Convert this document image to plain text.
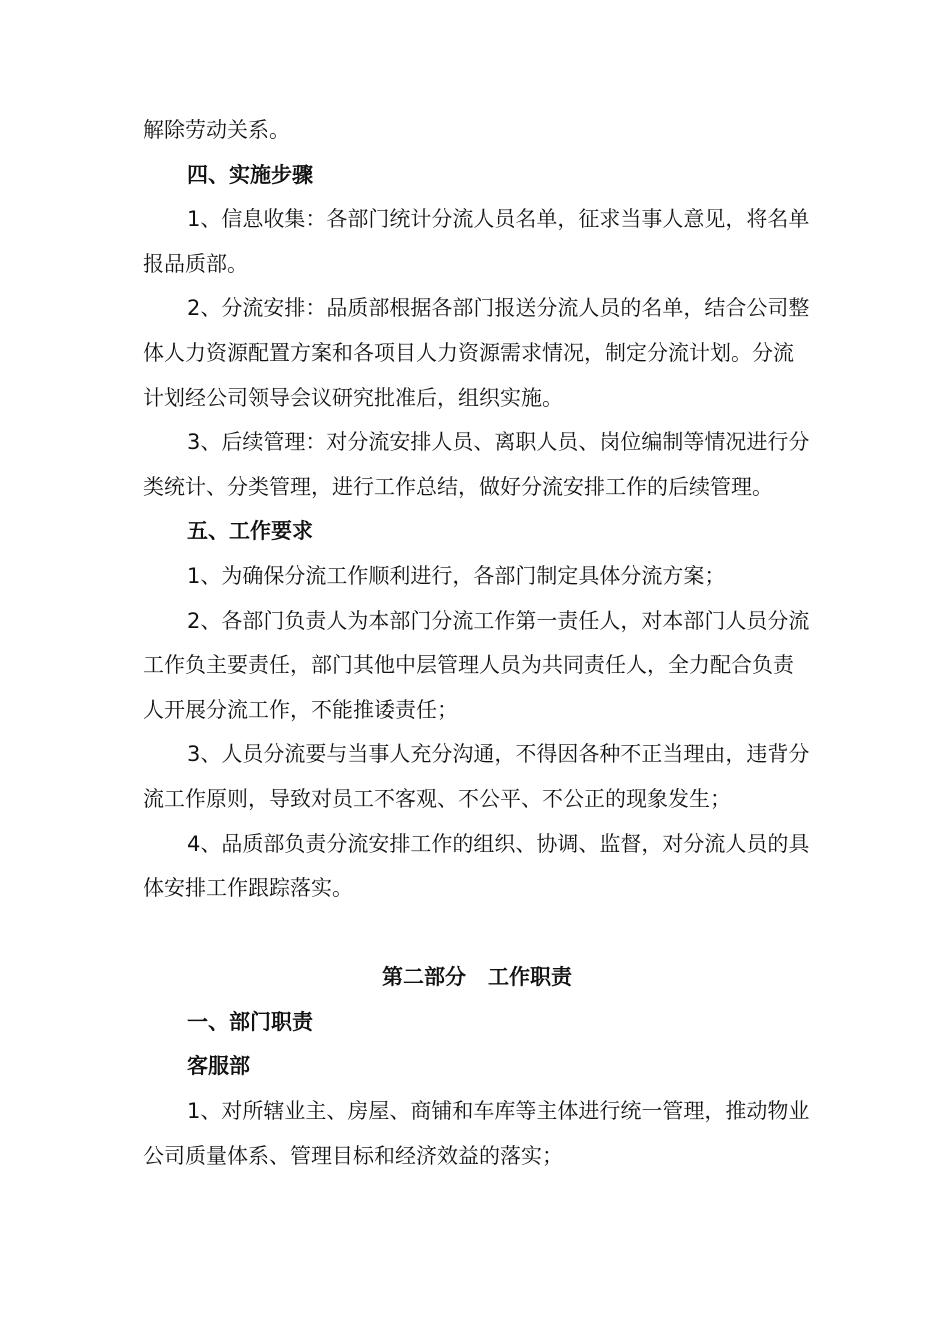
解除劳动关系。

四、实施步骤

1、信息收集：各部门统计分流人员名单，征求当事人意见，将名单报品质部。

2、分流安排：品质部根据各部门报送分流人员的名单，结合公司整体人力资源配置方案和各项目人力资源需求情况，制定分流计划。分流计划经公司领导会议研究批准后，组织实施。

3、后续管理：对分流安排人员、离职人员、岗位编制等情况进行分类统计、分类管理，进行工作总结，做好分流安排工作的后续管理。

五、工作要求

1、为确保分流工作顺利进行，各部门制定具体分流方案；

2、各部门负责人为本部门分流工作第一责任人，对本部门人员分流工作负主要责任，部门其他中层管理人员为共同责任人，全力配合负责人开展分流工作，不能推诿责任；

3、人员分流要与当事人充分沟通，不得因各种不正当理由，违背分流工作原则，导致对员工不客观、不公平、不公正的现象发生；

4、品质部负责分流安排工作的组织、协调、监督，对分流人员的具体安排工作跟踪落实。

第二部分   工作职责

一、部门职责

客服部

1、对所辖业主、房屋、商铺和车库等主体进行统一管理，推动物业公司质量体系、管理目标和经济效益的落实；
